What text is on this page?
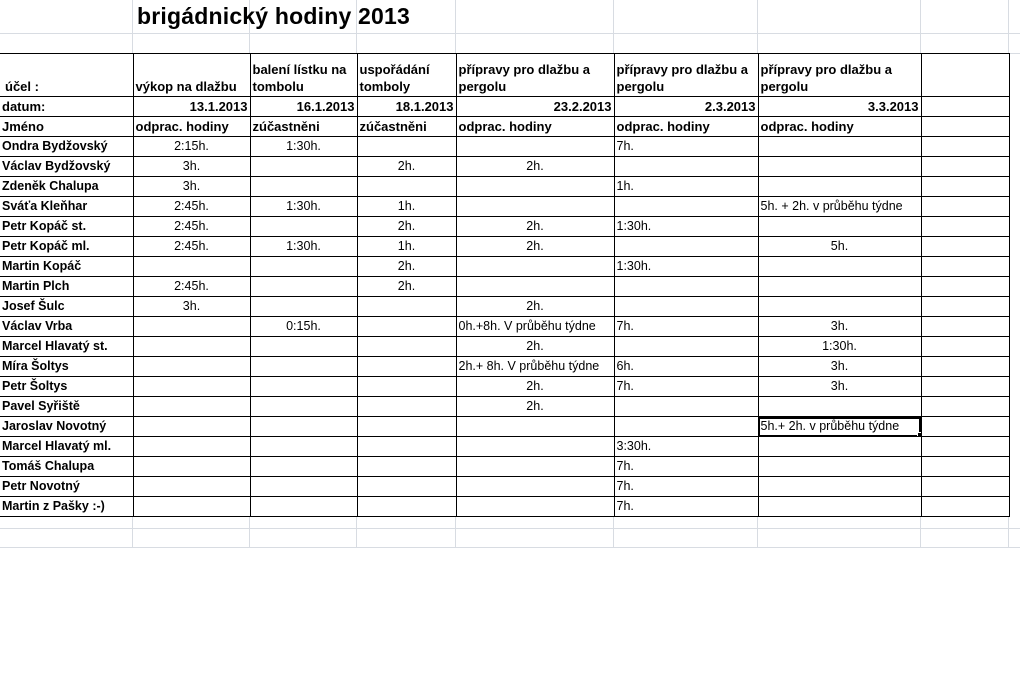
brigádnický hodiny 2013
účel :	výkop na dlažbu	balení lístku na tombolu	uspořádání tomboly	přípravy pro dlažbu a pergolu	přípravy pro dlažbu a pergolu	přípravy pro dlažbu a pergolu	
datum:	13.1.2013	16.1.2013	18.1.2013	23.2.2013	2.3.2013	3.3.2013	
Jméno	odprac. hodiny	zúčastněni	zúčastněni	odprac. hodiny	odprac. hodiny	odprac. hodiny	
Ondra Bydžovský	2:15h.	1:30h.			7h.		
Václav Bydžovský	3h.		2h.	2h.			
Zdeněk Chalupa	3h.				1h.		
Sváťa Kleňhar	2:45h.	1:30h.	1h.			5h. + 2h. v průběhu týdne	
Petr Kopáč st.	2:45h.		2h.	2h.	1:30h.		
Petr Kopáč ml.	2:45h.	1:30h.	1h.	2h.		5h.	
Martin Kopáč			2h.		1:30h.		
Martin Plch	2:45h.		2h.				
Josef Šulc	3h.			2h.			
Václav Vrba		0:15h.		0h.+8h. V průběhu týdne	7h.	3h.	
Marcel Hlavatý st.				2h.		1:30h.	
Míra Šoltys				2h.+ 8h. V průběhu týdne	6h.	3h.	
Petr Šoltys				2h.	7h.	3h.	
Pavel Syřiště				2h.			
Jaroslav Novotný						5h.+ 2h. v průběhu týdne

Marcel Hlavatý ml.					3:30h.		
Tomáš Chalupa					7h.		
Petr Novotný					7h.		
Martin z Pašky :-)					7h.		
